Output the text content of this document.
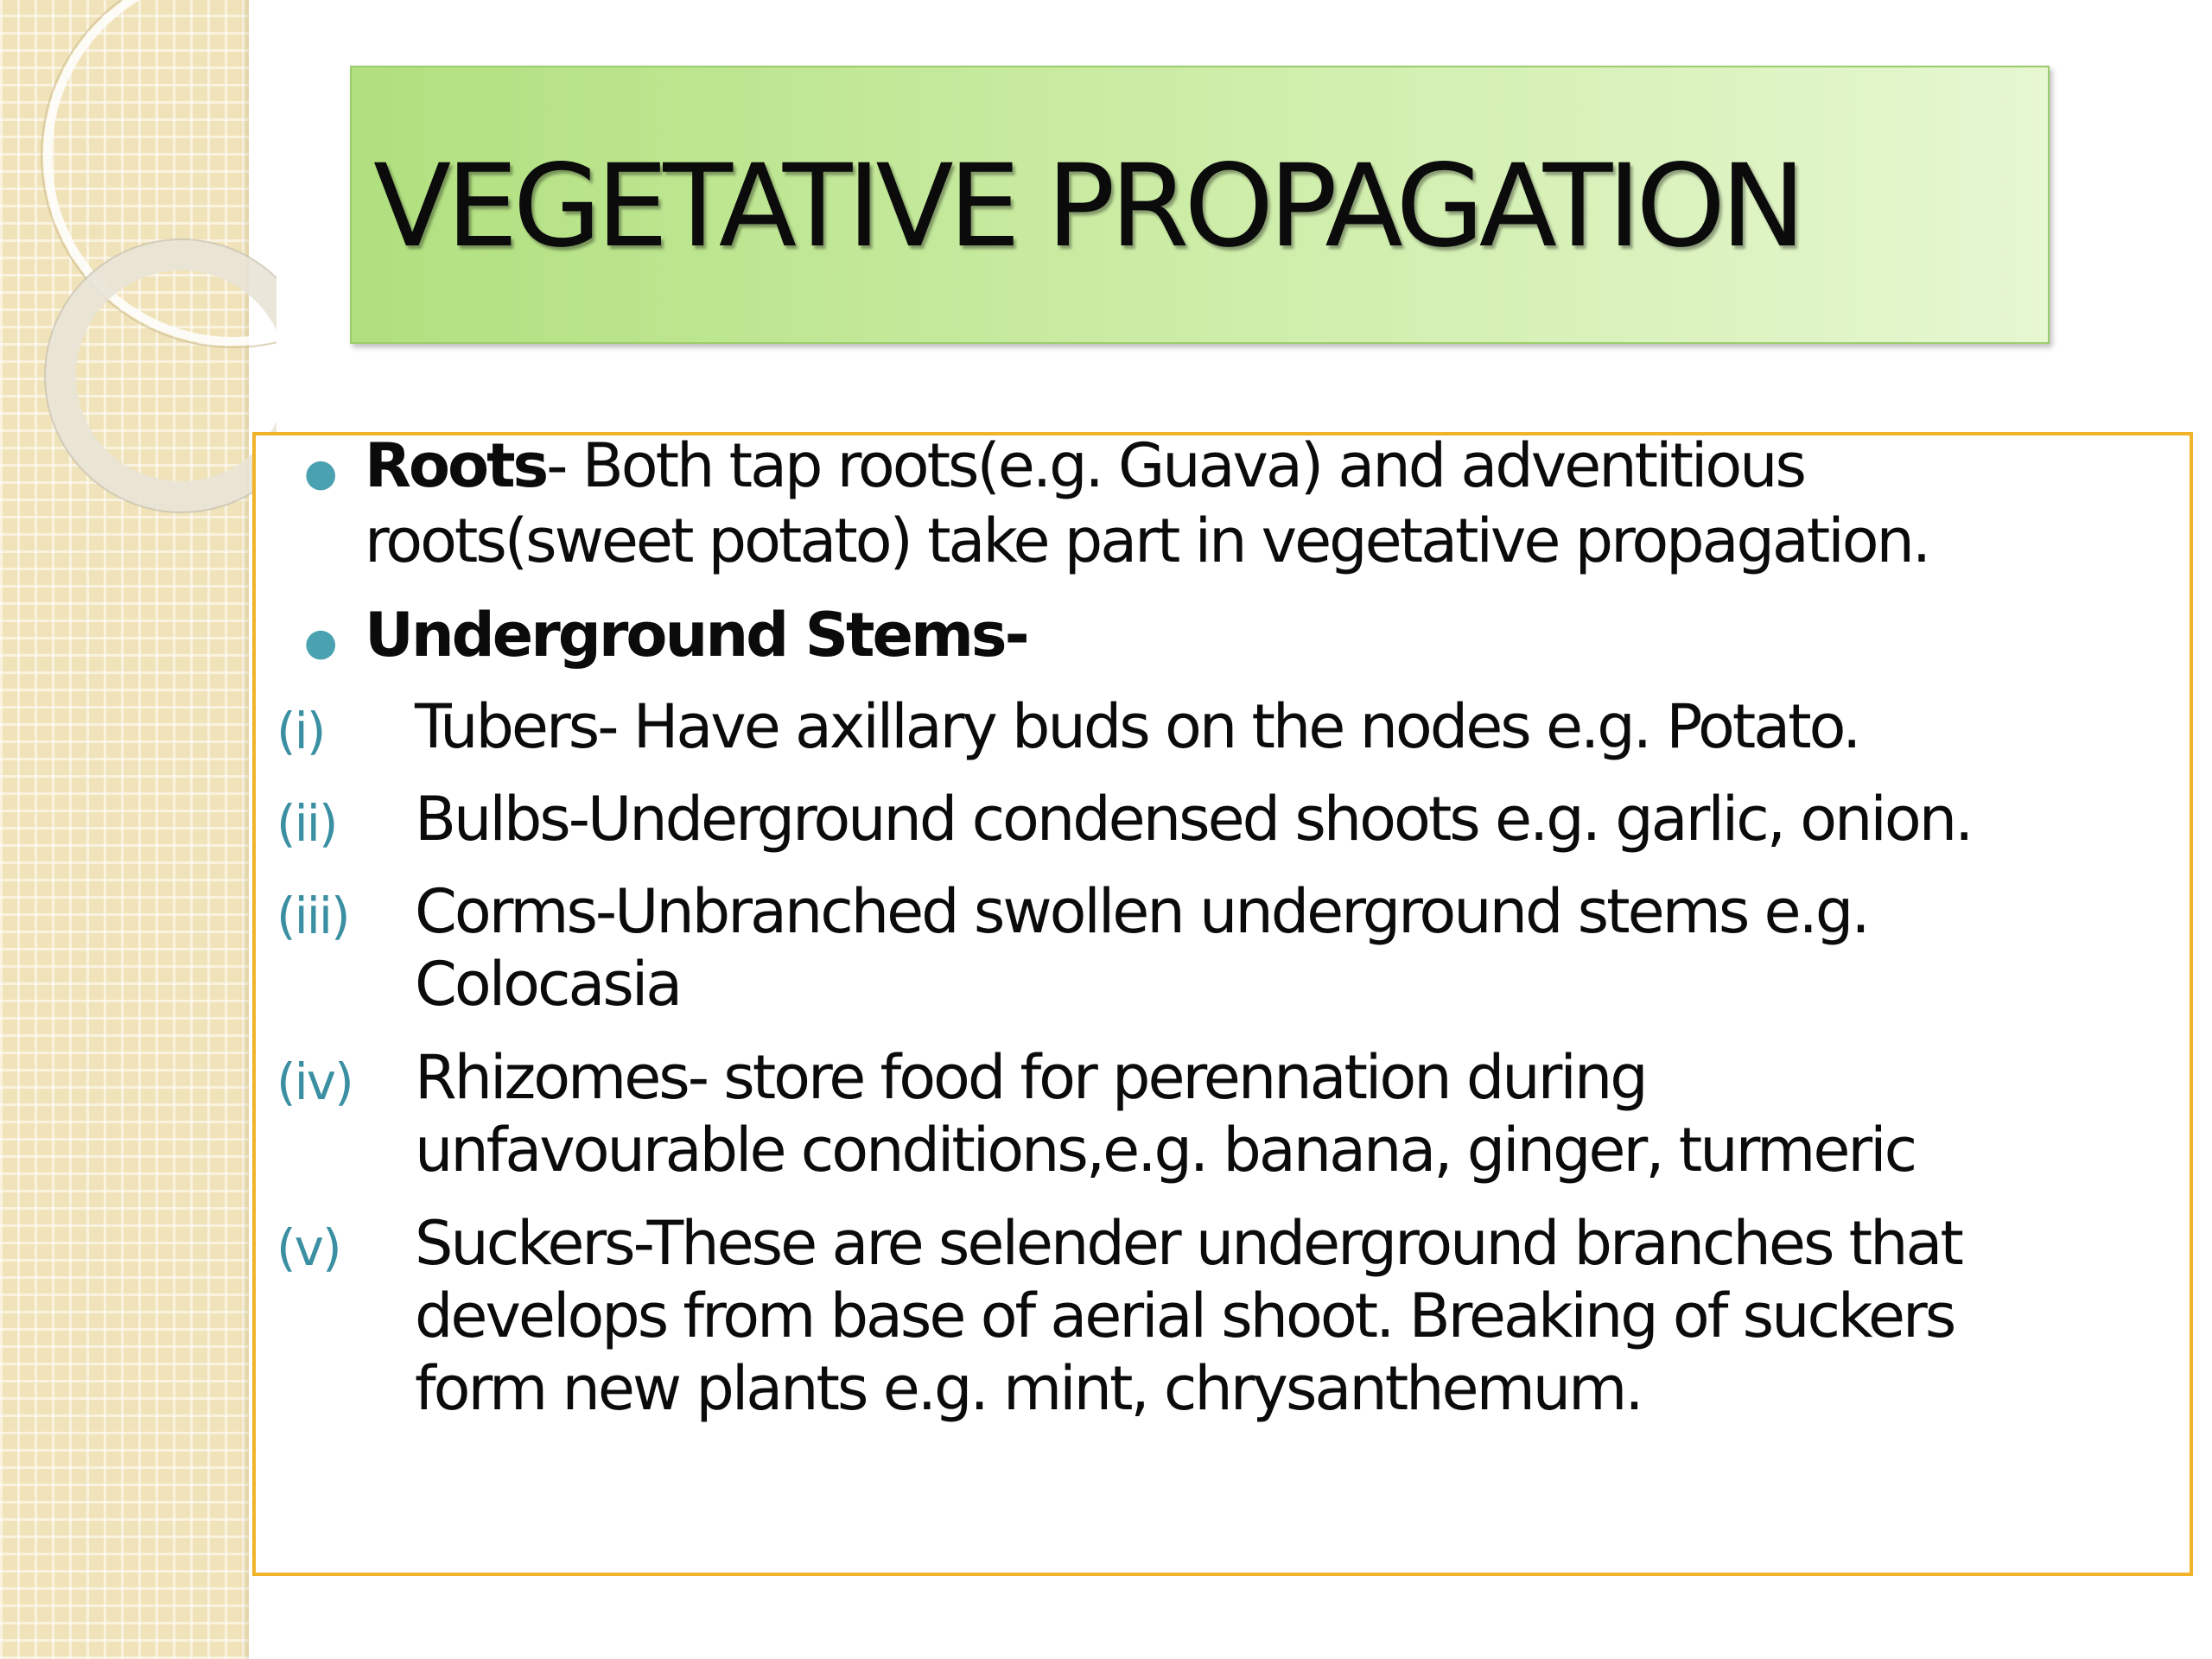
VEGETATIVE PROPAGATION
● Roots- Both tap roots(e.g. Guava) and adventitious
roots(sweet potato) take part in vegetative propagation.
● Underground Stems-
(i) Tubers- Have axillary buds on the nodes e.g. Potato.
(ii) Bulbs-Underground condensed shoots e.g. garlic, onion.
(iii) Corms-Unbranched swollen underground stems e.g.
Colocasia
(iv) Rhizomes- store food for perennation during
unfavourable conditions,e.g. banana, ginger, turmeric
(v) Suckers-These are selender underground branches that
develops from base of aerial shoot. Breaking of suckers
form new plants e.g. mint, chrysanthemum.
